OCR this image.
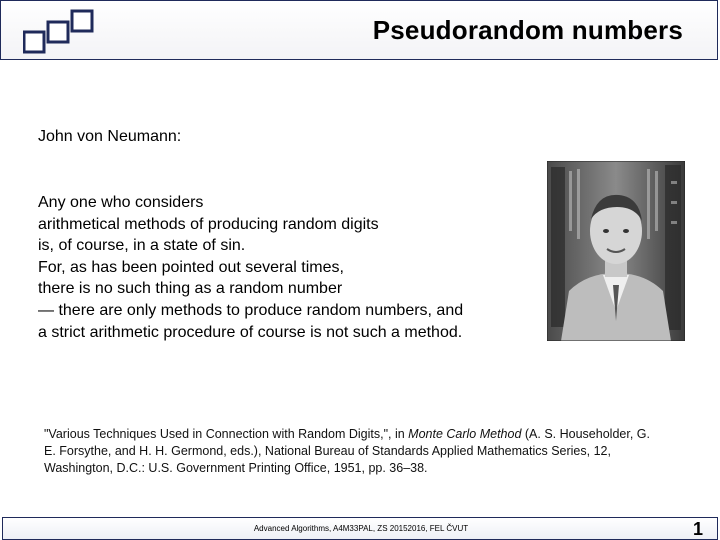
Pseudorandom numbers
John von Neumann:
Any one who considers
arithmetical methods of producing random digits
is, of course, in a state of sin.
For, as has been pointed out several times,
there is no such thing as a random number
— there are only methods to produce random numbers, and
a strict arithmetic procedure of course is not such a method.
"Various Techniques Used in Connection with Random Digits,", in Monte Carlo Method (A. S. Householder, G. E. Forsythe, and H. H. Germond, eds.), National Bureau of Standards Applied Mathematics Series, 12, Washington, D.C.: U.S. Government Printing Office, 1951, pp. 36–38.
Advanced Algorithms, A4M33PAL, ZS 20152016, FEL ČVUT	1
